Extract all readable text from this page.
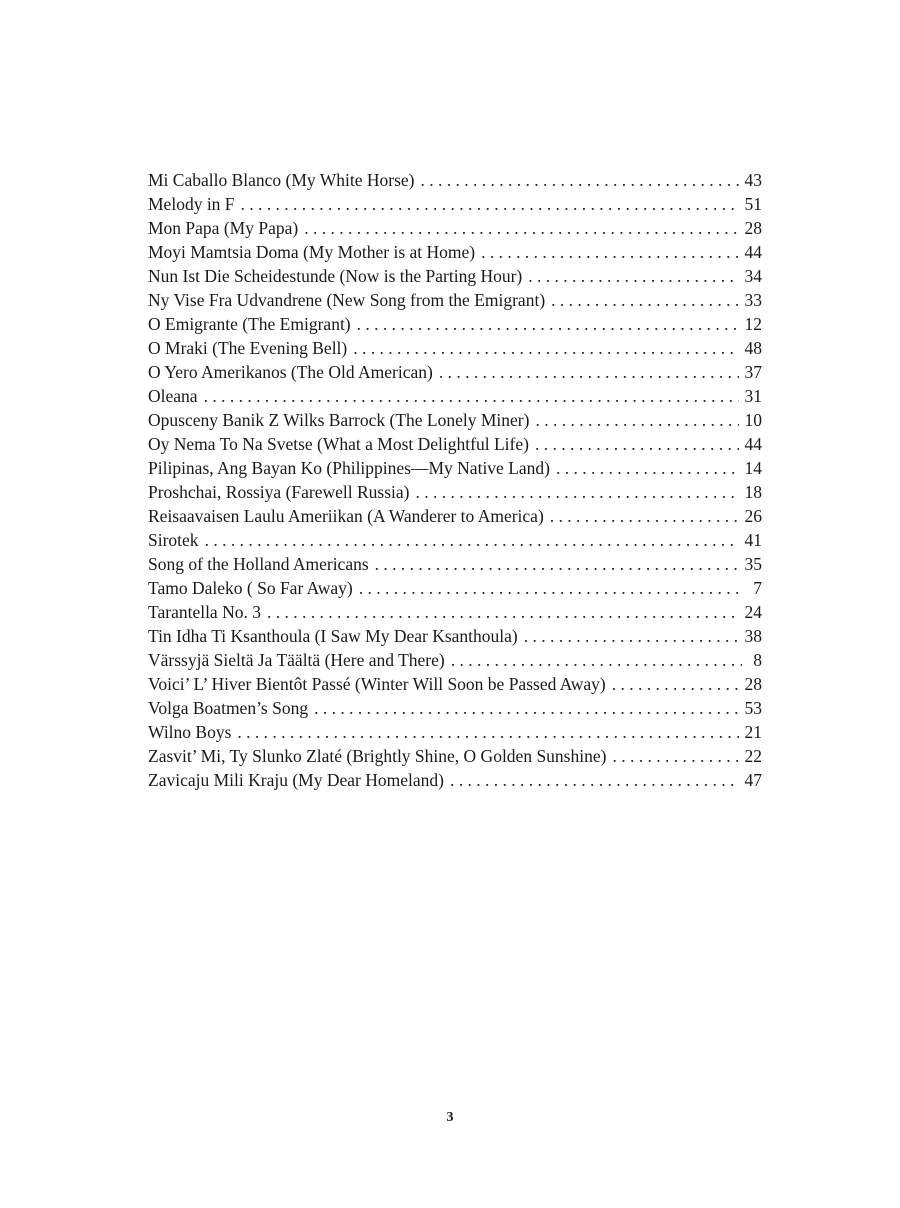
Mi Caballo Blanco (My White Horse) . . .	43
Melody in F . . .	51
Mon Papa (My Papa) . . .	28
Moyi Mamtsia Doma (My Mother is at Home) . . .	44
Nun Ist Die Scheidestunde (Now is the Parting Hour) . . .	34
Ny Vise Fra Udvandrene (New Song from the Emigrant) . . .	33
O Emigrante (The Emigrant) . . .	12
O Mraki (The Evening Bell) . . .	48
O Yero Amerikanos (The Old American) . . .	37
Oleana . . .	31
Opusceny Banik Z Wilks Barrock (The Lonely Miner) . . .	10
Oy Nema To Na Svetse (What a Most Delightful Life) . . .	44
Pilipinas, Ang Bayan Ko (Philippines—My Native Land) . . .	14
Proshchai, Rossiya (Farewell Russia) . . .	18
Reisaavaisen Laulu Ameriikan (A Wanderer to America) . . .	26
Sirotek . . .	41
Song of the Holland Americans . . .	35
Tamo Daleko ( So Far Away) . . .	7
Tarantella No. 3 . . .	24
Tin Idha Ti Ksanthoula (I Saw My Dear Ksanthoula) . . .	38
Värssyjä Sieltä Ja Täältä (Here and There) . . .	8
Voici’ L’ Hiver Bientôt Passé (Winter Will Soon be Passed Away) . . .	28
Volga Boatmen’s Song . . .	53
Wilno Boys . . .	21
Zasvit’ Mi, Ty Slunko Zlaté (Brightly Shine, O Golden Sunshine) . . .	22
Zavicaju Mili Kraju (My Dear Homeland) . . .	47
3
